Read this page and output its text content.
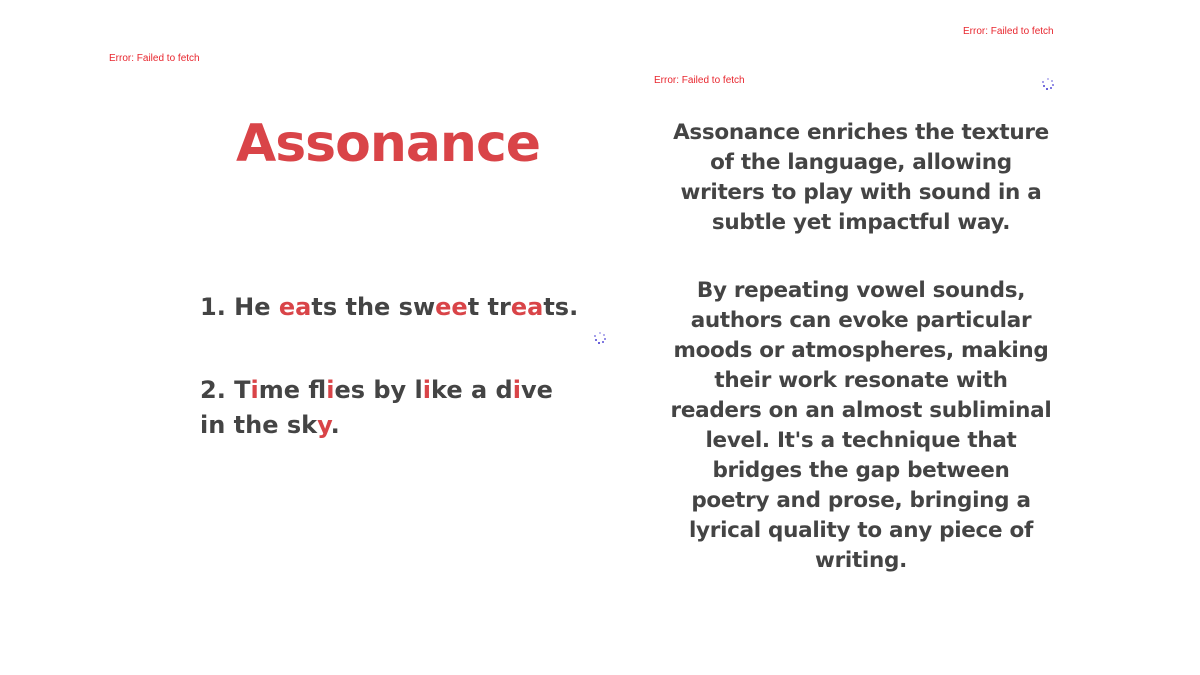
Error: Failed to fetch
Error: Failed to fetch
Error: Failed to fetch
Assonance
1. He eats the sweet treats.
2. Time flies by like a dive in the sky.
Assonance enriches the texture of the language, allowing writers to play with sound in a subtle yet impactful way.
By repeating vowel sounds, authors can evoke particular moods or atmospheres, making their work resonate with readers on an almost subliminal level. It's a technique that bridges the gap between poetry and prose, bringing a lyrical quality to any piece of writing.
